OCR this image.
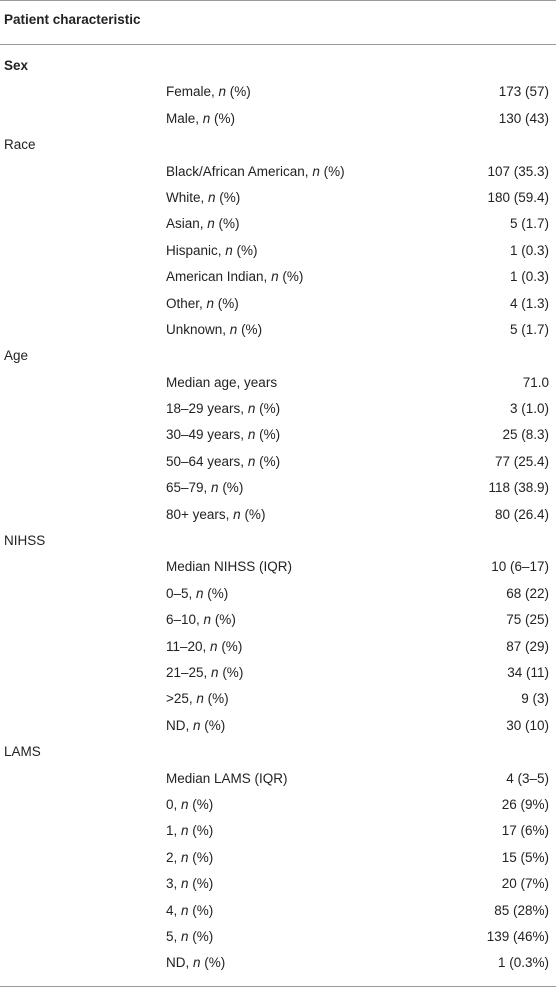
Patient characteristic
Sex
Female, n (%)	173 (57)
Male, n (%)	130 (43)
Race
Black/African American, n (%)	107 (35.3)
White, n (%)	180 (59.4)
Asian, n (%)	5 (1.7)
Hispanic, n (%)	1 (0.3)
American Indian, n (%)	1 (0.3)
Other, n (%)	4 (1.3)
Unknown, n (%)	5 (1.7)
Age
Median age, years	71.0
18–29 years, n (%)	3 (1.0)
30–49 years, n (%)	25 (8.3)
50–64 years, n (%)	77 (25.4)
65–79, n (%)	118 (38.9)
80+ years, n (%)	80 (26.4)
NIHSS
Median NIHSS (IQR)	10 (6–17)
0–5, n (%)	68 (22)
6–10, n (%)	75 (25)
11–20, n (%)	87 (29)
21–25, n (%)	34 (11)
>25, n (%)	9 (3)
ND, n (%)	30 (10)
LAMS
Median LAMS (IQR)	4 (3–5)
0, n (%)	26 (9%)
1, n (%)	17 (6%)
2, n (%)	15 (5%)
3, n (%)	20 (7%)
4, n (%)	85 (28%)
5, n (%)	139 (46%)
ND, n (%)	1 (0.3%)
